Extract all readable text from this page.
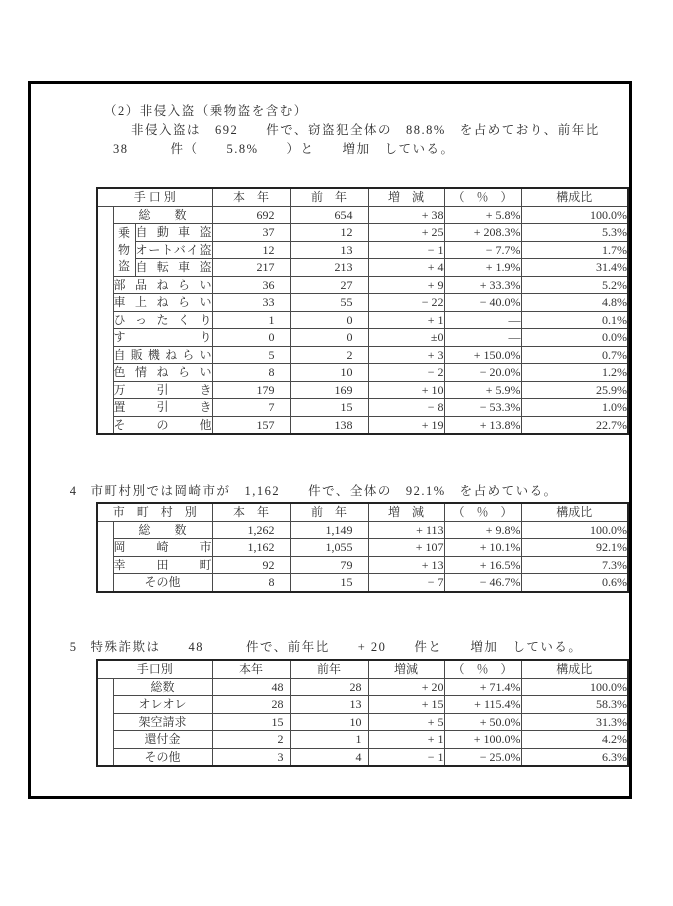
（2）非侵入盗（乗物盗を含む）
非侵入盗は　692　　件で、窃盗犯全体の　88.8%　を占めており、前年比
38　　　件（　　5.8%　　）と　　増加　している。
手 口 別			本　年	前　年	増　減	（　％　）	構成比
	総　　数		692	654	+ 38	+ 5.8%	100.0%
	乗物盗	自動車盗	37	12	+ 25	+ 208.3%	5.3%
		オートバイ盗	12	13	− 1	− 7.7%	1.7%
		自転車盗	217	213	+ 4	+ 1.9%	31.4%
	部品ねらい		36	27	+ 9	+ 33.3%	5.2%
	車上ねらい		33	55	− 22	− 40.0%	4.8%
	ひったくり		1	0	+ 1	―	0.1%
	すり		0	0	±0	―	0.0%
	自販機ねらい		5	2	+ 3	+ 150.0%	0.7%
	色情ねらい		8	10	− 2	− 20.0%	1.2%
	万引き		179	169	+ 10	+ 5.9%	25.9%
	置引き		7	15	− 8	− 53.3%	1.0%
	その他		157	138	+ 19	+ 13.8%	22.7%

4 市町村別では岡崎市が　1,162　　件で、全体の　92.1%　を占めている。

市　町　村　別		本　年	前　年	増　減	（　％　）	構成比
	総　　数	1,262	1,149	+ 113	+ 9.8%	100.0%
	岡崎市	1,162	1,055	+ 107	+ 10.1%	92.1%
	幸田町	92	79	+ 13	+ 16.5%	7.3%
	その他	8	15	− 7	− 46.7%	0.6%

5 特殊詐欺は　　48　　　件で、前年比　　+ 20　　件と　　増加　している。

手口別		本年	前年	増減	（　％　）	構成比
	総数	48	28	+ 20	+ 71.4%	100.0%
	オレオレ	28	13	+ 15	+ 115.4%	58.3%
	架空請求	15	10	+ 5	+ 50.0%	31.3%
	還付金	2	1	+ 1	+ 100.0%	4.2%
	その他	3	4	− 1	− 25.0%	6.3%
